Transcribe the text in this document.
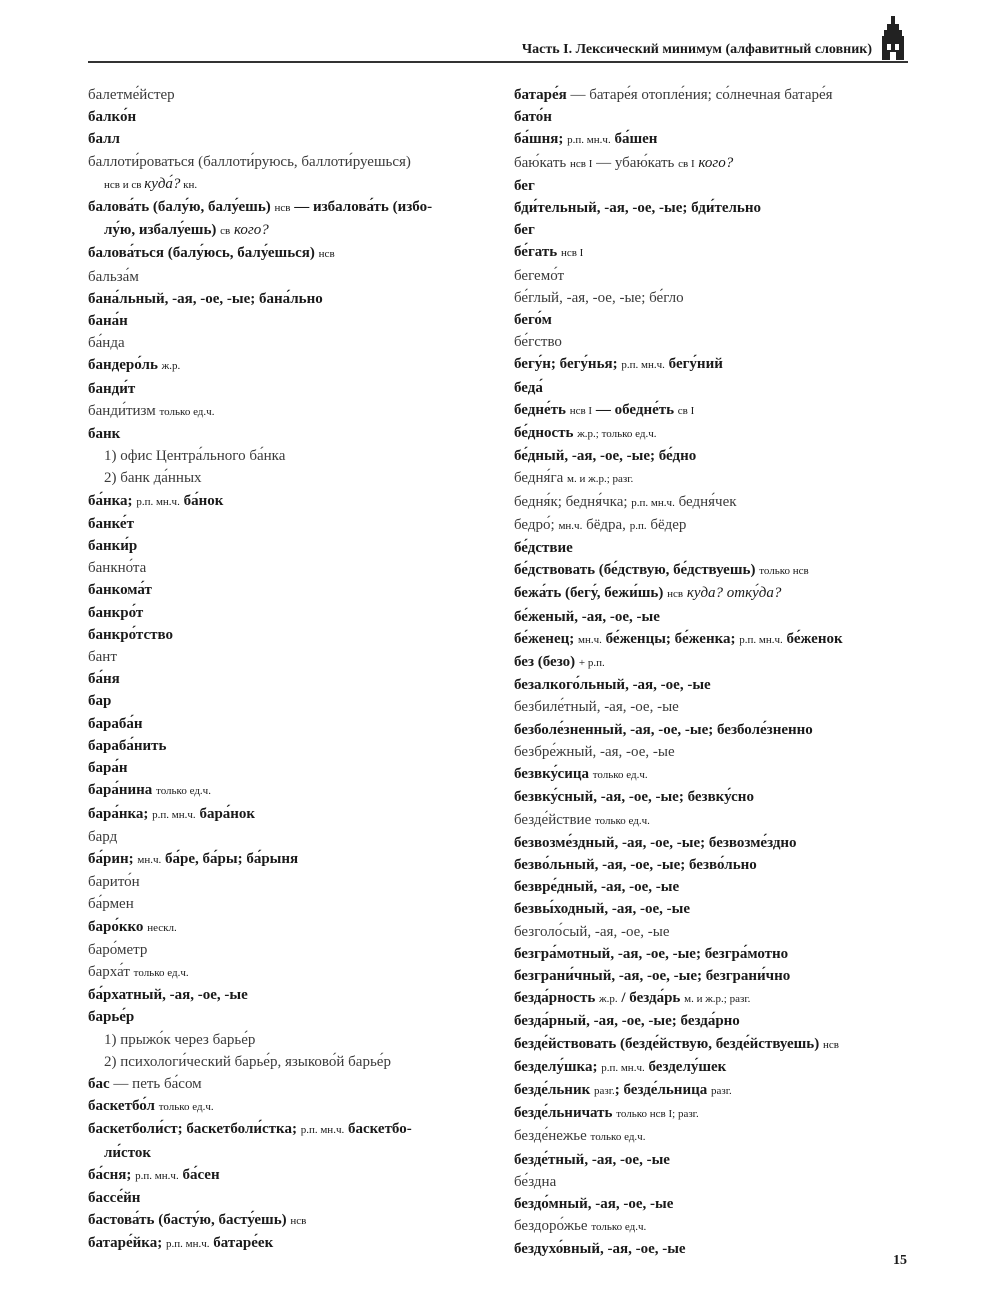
Часть I. Лексический минимум (алфавитный словник)
балетме́йстер
балко́н
балл
баллоти́роваться (баллоти́руюсь, баллоти́руешься)
нсв и св куда́? кн.
балова́ть (балу́ю, балу́ешь) нсв — избалова́ть (избо-
лу́ю, избалу́ешь) св кого?
балова́ться (балу́юсь, балу́ешься) нсв
бальза́м
бана́льный, -ая, -ое, -ые; бана́льно
бана́н
ба́нда
бандеро́ль ж.р.
банди́т
банди́тизм только ед.ч.
банк
1) офис Центра́льного ба́нка
2) банк да́нных
ба́нка; р.п. мн.ч. ба́нок
банке́т
банки́р
банкно́та
банкома́т
банкро́т
банкро́тство
бант
ба́ня
бар
бараба́н
бараба́нить
бара́н
бара́нина только ед.ч.
бара́нка; р.п. мн.ч. бара́нок
бард
ба́рин; мн.ч. ба́ре, ба́ры; ба́рыня
барито́н
ба́рмен
баро́кко нескл.
баро́метр
барха́т только ед.ч.
ба́рхатный, -ая, -ое, -ые
барье́р
1) прыжо́к через барье́р
2) психологи́ческий барье́р, языково́й барье́р
бас — петь ба́сом
баскетбо́л только ед.ч.
баскетболи́ст; баскетболи́стка; р.п. мн.ч. баскетбо-
ли́сток
ба́сня; р.п. мн.ч. ба́сен
бассе́йн
бастова́ть (басту́ю, басту́ешь) нсв
батаре́йка; р.п. мн.ч. батаре́ек
батаре́я — батаре́я отопле́ния; со́лнечная батаре́я
бато́н
ба́шня; р.п. мн.ч. ба́шен
баю́кать нсв I — убаю́кать св I кого?
бег
бди́тельный, -ая, -ое, -ые; бди́тельно
бег
бе́гать нсв I
бегемо́т
бе́глый, -ая, -ое, -ые; бе́гло
бего́м
бе́гство
бегу́н; бегу́нья; р.п. мн.ч. бегу́ний
беда́
бедне́ть нсв I — обедне́ть св I
бе́дность ж.р.; только ед.ч.
бе́дный, -ая, -ое, -ые; бе́дно
бедня́га м. и ж.р.; разг.
бедня́к; бедня́чка; р.п. мн.ч. бедня́чек
бедро́; мн.ч. бёдра, р.п. бёдер
бе́дствие
бе́дствовать (бе́дствую, бе́дствуешь) только нсв
бежа́ть (бегу́, бежи́шь) нсв куда? отку́да?
бе́женый, -ая, -ое, -ые
бе́женец; мн.ч. бе́женцы; бе́женка; р.п. мн.ч. бе́женок
без (безо) + р.п.
безалкого́льный, -ая, -ое, -ые
безбиле́тный, -ая, -ое, -ые
безболе́зненный, -ая, -ое, -ые; безболе́зненно
безбре́жный, -ая, -ое, -ые
безвку́сица только ед.ч.
безвку́сный, -ая, -ое, -ые; безвку́сно
безде́йствие только ед.ч.
безвозме́здный, -ая, -ое, -ые; безвозме́здно
безво́льный, -ая, -ое, -ые; безво́льно
безвре́дный, -ая, -ое, -ые
безвы́ходный, -ая, -ое, -ые
безголо́сый, -ая, -ое, -ые
безгра́мотный, -ая, -ое, -ые; безгра́мотно
безграни́чный, -ая, -ое, -ые; безграни́чно
безда́рность ж.р. / безда́рь м. и ж.р.; разг.
безда́рный, -ая, -ое, -ые; безда́рно
безде́йствовать (безде́йствую, безде́йствуешь) нсв
безделу́шка; р.п. мн.ч. безделу́шек
безде́льник разг.; безде́льница разг.
безде́льничать только нсв I; разг.
безде́нежье только ед.ч.
безде́тный, -ая, -ое, -ые
бе́здна
бездо́мный, -ая, -ое, -ые
бездоро́жье только ед.ч.
бездухо́вный, -ая, -ое, -ые
15
